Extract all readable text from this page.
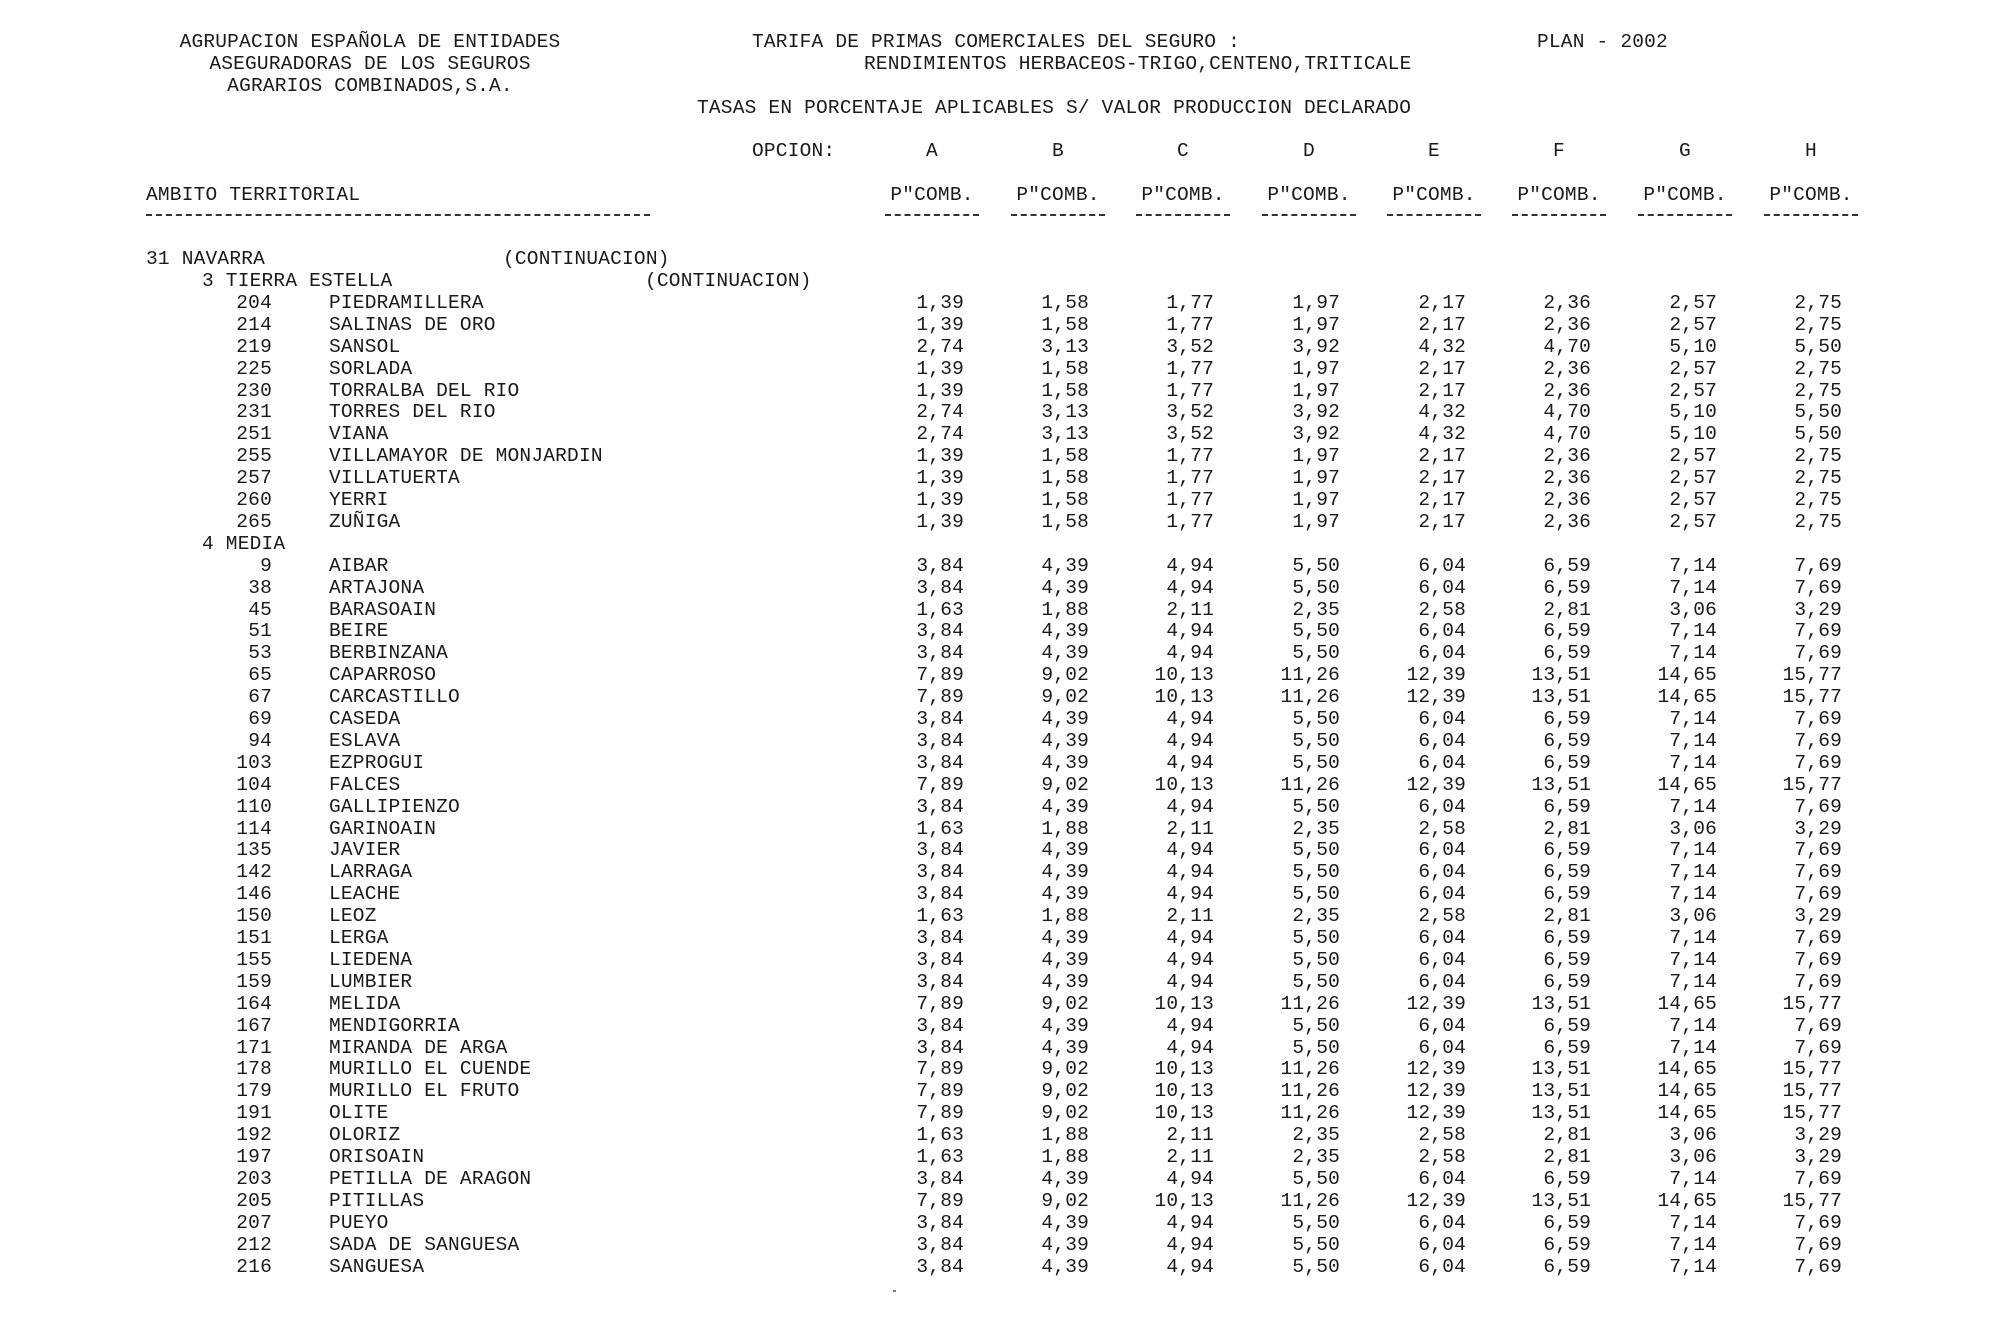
AGRUPACION ESPAÑOLA DE ENTIDADES
ASEGURADORAS DE LOS SEGUROS
AGRARIOS COMBINADOS,S.A.
TARIFA DE PRIMAS COMERCIALES DEL SEGURO :
RENDIMIENTOS HERBACEOS-TRIGO,CENTENO,TRITICALE
PLAN - 2002
TASAS EN PORCENTAJE APLICABLES S/ VALOR PRODUCCION DECLARADO
OPCION:	A	B	C	D	E	F	G	H
AMBITO TERRITORIAL	P"COMB.	P"COMB.	P"COMB.	P"COMB.	P"COMB.	P"COMB.	P"COMB.	P"COMB.
31 NAVARRA	(CONTINUACION)
3 TIERRA ESTELLA	(CONTINUACION)
204	PIEDRAMILLERA	1,39	1,58	1,77	1,97	2,17	2,36	2,57	2,75
214	SALINAS DE ORO	1,39	1,58	1,77	1,97	2,17	2,36	2,57	2,75
219	SANSOL	2,74	3,13	3,52	3,92	4,32	4,70	5,10	5,50
225	SORLADA	1,39	1,58	1,77	1,97	2,17	2,36	2,57	2,75
230	TORRALBA DEL RIO	1,39	1,58	1,77	1,97	2,17	2,36	2,57	2,75
231	TORRES DEL RIO	2,74	3,13	3,52	3,92	4,32	4,70	5,10	5,50
251	VIANA	2,74	3,13	3,52	3,92	4,32	4,70	5,10	5,50
255	VILLAMAYOR DE MONJARDIN	1,39	1,58	1,77	1,97	2,17	2,36	2,57	2,75
257	VILLATUERTA	1,39	1,58	1,77	1,97	2,17	2,36	2,57	2,75
260	YERRI	1,39	1,58	1,77	1,97	2,17	2,36	2,57	2,75
265	ZUÑIGA	1,39	1,58	1,77	1,97	2,17	2,36	2,57	2,75
4 MEDIA
9	AIBAR	3,84	4,39	4,94	5,50	6,04	6,59	7,14	7,69
38	ARTAJONA	3,84	4,39	4,94	5,50	6,04	6,59	7,14	7,69
45	BARASOAIN	1,63	1,88	2,11	2,35	2,58	2,81	3,06	3,29
51	BEIRE	3,84	4,39	4,94	5,50	6,04	6,59	7,14	7,69
53	BERBINZANA	3,84	4,39	4,94	5,50	6,04	6,59	7,14	7,69
65	CAPARROSO	7,89	9,02	10,13	11,26	12,39	13,51	14,65	15,77
67	CARCASTILLO	7,89	9,02	10,13	11,26	12,39	13,51	14,65	15,77
69	CASEDA	3,84	4,39	4,94	5,50	6,04	6,59	7,14	7,69
94	ESLAVA	3,84	4,39	4,94	5,50	6,04	6,59	7,14	7,69
103	EZPROGUI	3,84	4,39	4,94	5,50	6,04	6,59	7,14	7,69
104	FALCES	7,89	9,02	10,13	11,26	12,39	13,51	14,65	15,77
110	GALLIPIENZO	3,84	4,39	4,94	5,50	6,04	6,59	7,14	7,69
114	GARINOAIN	1,63	1,88	2,11	2,35	2,58	2,81	3,06	3,29
135	JAVIER	3,84	4,39	4,94	5,50	6,04	6,59	7,14	7,69
142	LARRAGA	3,84	4,39	4,94	5,50	6,04	6,59	7,14	7,69
146	LEACHE	3,84	4,39	4,94	5,50	6,04	6,59	7,14	7,69
150	LEOZ	1,63	1,88	2,11	2,35	2,58	2,81	3,06	3,29
151	LERGA	3,84	4,39	4,94	5,50	6,04	6,59	7,14	7,69
155	LIEDENA	3,84	4,39	4,94	5,50	6,04	6,59	7,14	7,69
159	LUMBIER	3,84	4,39	4,94	5,50	6,04	6,59	7,14	7,69
164	MELIDA	7,89	9,02	10,13	11,26	12,39	13,51	14,65	15,77
167	MENDIGORRIA	3,84	4,39	4,94	5,50	6,04	6,59	7,14	7,69
171	MIRANDA DE ARGA	3,84	4,39	4,94	5,50	6,04	6,59	7,14	7,69
178	MURILLO EL CUENDE	7,89	9,02	10,13	11,26	12,39	13,51	14,65	15,77
179	MURILLO EL FRUTO	7,89	9,02	10,13	11,26	12,39	13,51	14,65	15,77
191	OLITE	7,89	9,02	10,13	11,26	12,39	13,51	14,65	15,77
192	OLORIZ	1,63	1,88	2,11	2,35	2,58	2,81	3,06	3,29
197	ORISOAIN	1,63	1,88	2,11	2,35	2,58	2,81	3,06	3,29
203	PETILLA DE ARAGON	3,84	4,39	4,94	5,50	6,04	6,59	7,14	7,69
205	PITILLAS	7,89	9,02	10,13	11,26	12,39	13,51	14,65	15,77
207	PUEYO	3,84	4,39	4,94	5,50	6,04	6,59	7,14	7,69
212	SADA DE SANGUESA	3,84	4,39	4,94	5,50	6,04	6,59	7,14	7,69
216	SANGUESA	3,84	4,39	4,94	5,50	6,04	6,59	7,14	7,69
